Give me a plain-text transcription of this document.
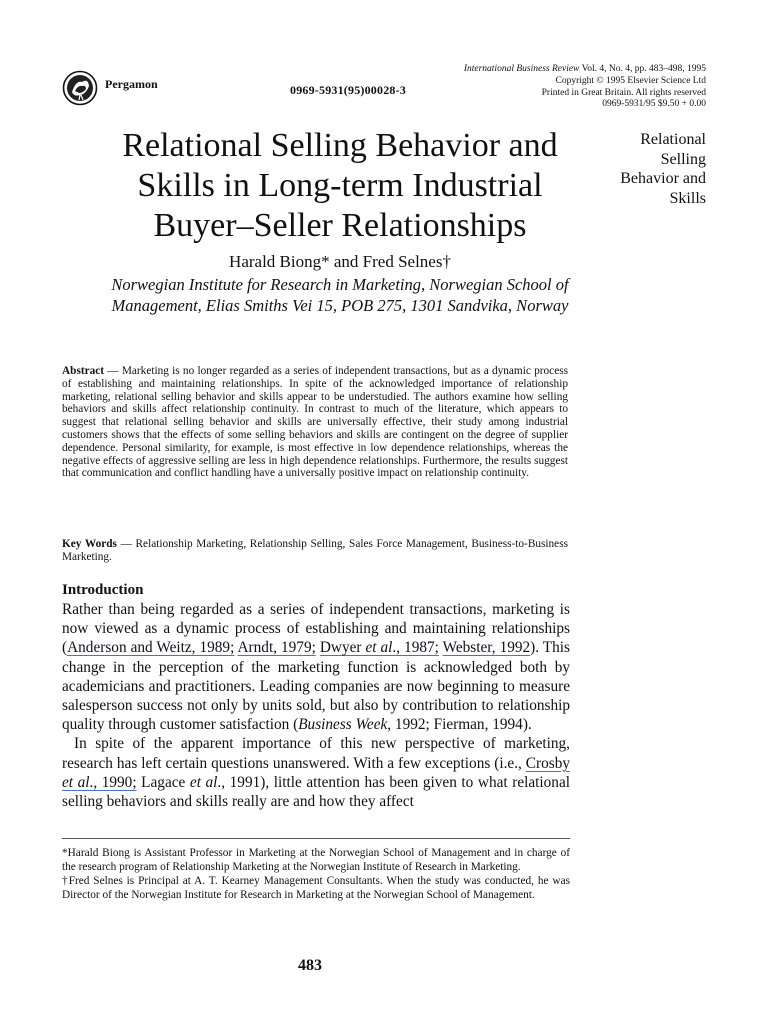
Pergamon	0969-5931(95)00028-3
International Business Review Vol. 4, No. 4, pp. 483–498, 1995
Copyright © 1995 Elsevier Science Ltd
Printed in Great Britain. All rights reserved
0969-5931/95 $9.50 + 0.00
Relational
Selling
Behavior and
Skills
Relational Selling Behavior and
Skills in Long-term Industrial
Buyer–Seller Relationships
Harald Biong* and Fred Selnes†
Norwegian Institute for Research in Marketing, Norwegian School of
Management, Elias Smiths Vei 15, POB 275, 1301 Sandvika, Norway
Abstract — Marketing is no longer regarded as a series of independent transactions, but as a dynamic process of establishing and maintaining relationships. In spite of the acknowledged importance of relationship marketing, relational selling behavior and skills appear to be understudied. The authors examine how selling behaviors and skills affect relationship continuity. In contrast to much of the literature, which appears to suggest that relational selling behavior and skills are universally effective, their study among industrial customers shows that the effects of some selling behaviors and skills are contingent on the degree of supplier dependence. Personal similarity, for example, is most effective in low dependence relationships, whereas the negative effects of aggressive selling are less in high dependence relationships. Furthermore, the results suggest that communication and conflict handling have a universally positive impact on relationship continuity.
Key Words — Relationship Marketing, Relationship Selling, Sales Force Management, Business-to-Business Marketing.
Introduction

Rather than being regarded as a series of independent transactions, marketing is now viewed as a dynamic process of establishing and maintaining relationships (Anderson and Weitz, 1989; Arndt, 1979; Dwyer et al., 1987; Webster, 1992). This change in the perception of the marketing function is acknowledged both by academicians and practitioners. Leading companies are now beginning to measure salesperson success not only by units sold, but also by contribution to relationship quality through customer satisfaction (Business Week, 1992; Fierman, 1994).

In spite of the apparent importance of this new perspective of marketing, research has left certain questions unanswered. With a few exceptions (i.e., Crosby et al., 1990; Lagace et al., 1991), little attention has been given to what relational selling behaviors and skills really are and how they affect

*Harald Biong is Assistant Professor in Marketing at the Norwegian School of Management and in charge of the research program of Relationship Marketing at the Norwegian Institute of Research in Marketing.

†Fred Selnes is Principal at A. T. Kearney Management Consultants. When the study was conducted, he was Director of the Norwegian Institute for Research in Marketing at the Norwegian School of Management.

483
